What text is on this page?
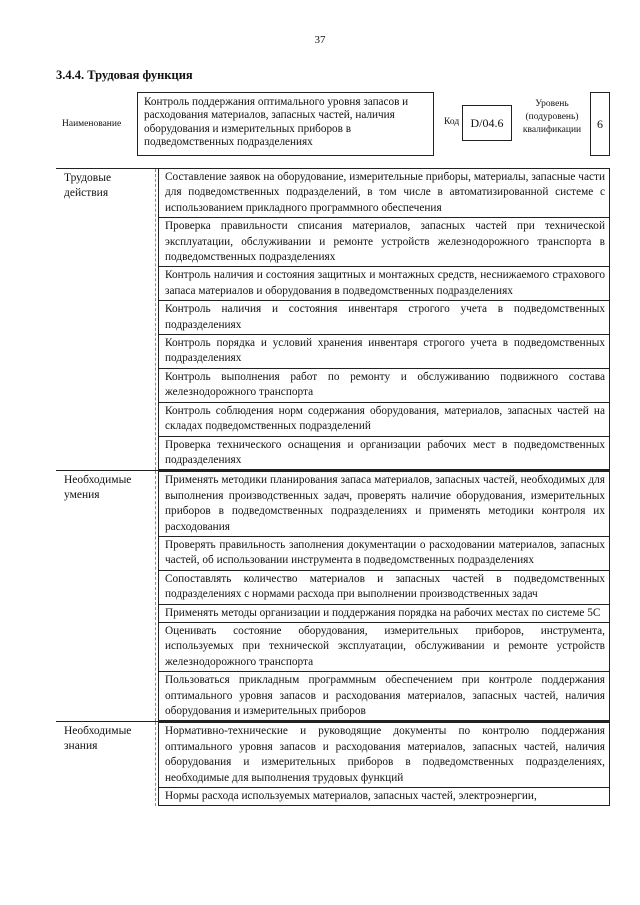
37
3.4.4. Трудовая функция
Наименование
Контроль поддержания оптимального уровня запасов и расходования материалов, запасных частей, наличия оборудования и измерительных приборов в подведомственных подразделениях
Код D/04.6
Уровень (подуровень) квалификации	6
Трудовые действия
Составление заявок на оборудование, измерительные приборы, материалы, запасные части для подведомственных подразделений, в том числе в автоматизированной системе с использованием прикладного программного обеспечения
Проверка правильности списания материалов, запасных частей при технической эксплуатации, обслуживании и ремонте устройств железнодорожного транспорта в подведомственных подразделениях
Контроль наличия и состояния защитных и монтажных средств, неснижаемого страхового запаса материалов и оборудования в подведомственных подразделениях
Контроль наличия и состояния инвентаря строгого учета в подведомственных подразделениях
Контроль порядка и условий хранения инвентаря строгого учета в подведомственных подразделениях
Контроль выполнения работ по ремонту и обслуживанию подвижного состава железнодорожного транспорта
Контроль соблюдения норм содержания оборудования, материалов, запасных частей на складах подведомственных подразделений
Проверка технического оснащения и организации рабочих мест в подведомственных подразделениях
Необходимые умения
Применять методики планирования запаса материалов, запасных частей, необходимых для выполнения производственных задач, проверять наличие оборудования, измерительных приборов в подведомственных подразделениях и применять методики контроля их расходования
Проверять правильность заполнения документации о расходовании материалов, запасных частей, об использовании инструмента в подведомственных подразделениях
Сопоставлять количество материалов и запасных частей в подведомственных подразделениях с нормами расхода при выполнении производственных задач
Применять методы организации и поддержания порядка на рабочих местах по системе 5С
Оценивать состояние оборудования, измерительных приборов, инструмента, используемых при технической эксплуатации, обслуживании и ремонте устройств железнодорожного транспорта
Пользоваться прикладным программным обеспечением при контроле поддержания оптимального уровня запасов и расходования материалов, запасных частей, наличия оборудования и измерительных приборов
Необходимые знания
Нормативно-технические и руководящие документы по контролю поддержания оптимального уровня запасов и расходования материалов, запасных частей, наличия оборудования и измерительных приборов в подведомственных подразделениях, необходимые для выполнения трудовых функций
Нормы расхода используемых материалов, запасных частей, электроэнергии,
